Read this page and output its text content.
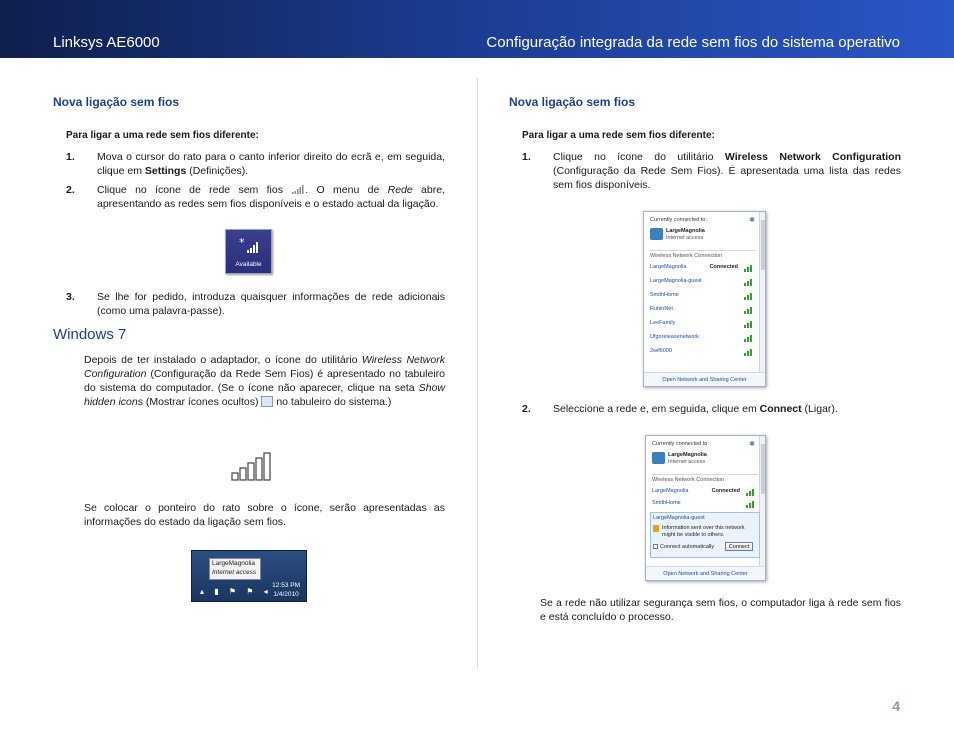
Linksys AE6000	Configuração integrada da rede sem fios do sistema operativo
Nova ligação sem fios
Para ligar a uma rede sem fios diferente:
1. Mova o cursor do rato para o canto inferior direito do ecrã e, em seguida, clique em Settings (Definições).
2. Clique no ícone de rede sem fios . O menu de Rede abre, apresentando as redes sem fios disponíveis e o estado actual da ligação.
3. Se lhe for pedido, introduza quaisquer informações de rede adicionais (como uma palavra-passe).
Windows 7
Depois de ter instalado o adaptador, o ícone do utilitário Wireless Network Configuration (Configuração da Rede Sem Fios) é apresentado no tabuleiro do sistema do computador. (Se o ícone não aparecer, clique na seta Show hidden icons (Mostrar ícones ocultos)  no tabuleiro do sistema.)
Se colocar o ponteiro do rato sobre o ícone, serão apresentadas as informações do estado da ligação sem fios.
*
Available
LargeMagnolia
Internet access
▴ ▮ ⚑ ⚑ ◂
12:53 PM
1/4/2010
Nova ligação sem fios
Para ligar a uma rede sem fios diferente:
1. Clique no ícone do utilitário Wireless Network Configuration (Configuração da Rede Sem Fios). É apresentada uma lista das redes sem fios disponíveis.
2. Seleccione a rede e, em seguida, clique em Connect (Ligar).
Se a rede não utilizar segurança sem fios, o computador liga à rede sem fios e está concluído o processo.
✱
Currently connected to:
LargeMagnolia
Internet access
Wireless Network Connection
LargeMagnolia	Connected
LargeMagnolia-guest
SmithHome
RuhinNet
LeeFamily
Ufgoreleasenetwork
2wif6000
Open Network and Sharing Center
✱
Currently connected to:
LargeMagnolia
Internet access
Wireless Network Connection
LargeMagnolia	Connected
SmithHome
LargeMagnolia-guest
Information sent over this network might be visible to others.
Connect automatically	Connect
Open Network and Sharing Center
4
